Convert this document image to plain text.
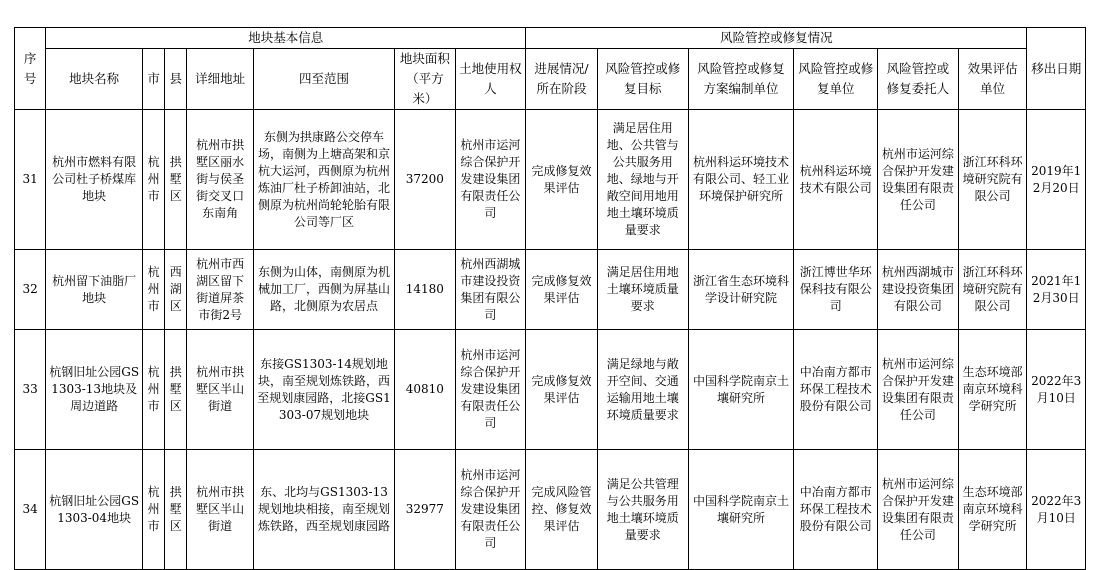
序号	地块基本信息							风险管控或修复情况						移出日期
	地块名称	市	县	详细地址	四至范围	地块面积（平方米）	土地使用权人	进展情况/所在阶段	风险管控或修复目标	风险管控或修复方案编制单位	风险管控或修复单位	风险管控或修复委托人	效果评估单位	
31	杭州市燃料有限公司杜子桥煤库地块	杭州市	拱墅区	杭州市拱墅区丽水街与侯圣街交叉口东南角	东侧为拱康路公交停车场，南侧为上塘高架和京杭大运河，西侧原为杭州炼油厂杜子桥卸油站，北侧原为杭州尚轮轮胎有限公司等厂区	37200	杭州市运河综合保护开发建设集团有限责任公司	完成修复效果评估	满足居住用地、公共管与公共服务用地、绿地与开敞空间用地用地土壤环境质量要求	杭州科运环境技术有限公司、轻工业环境保护研究所	杭州科运环境技术有限公司	杭州市运河综合保护开发建设集团有限责任公司	浙江环科环境研究院有限公司	2019年12月20日
32	杭州留下油脂厂地块	杭州市	西湖区	杭州市西湖区留下街道屏茶市街2号	东侧为山体，南侧原为机械加工厂，西侧为屏基山路，北侧原为农居点	14180	杭州西湖城市建设投资集团有限公司	完成修复效果评估	满足居住用地土壤环境质量要求	浙江省生态环境科学设计研究院	浙江博世华环保科技有限公司	杭州西湖城市建设投资集团有限公司	浙江环科环境研究院有限公司	2021年12月30日
33	杭钢旧址公园GS1303-13地块及周边道路	杭州市	拱墅区	杭州市拱墅区半山街道	东接GS1303-14规划地块，南至规划炼铁路，西至规划康园路，北接GS1303-07规划地块	40810	杭州市运河综合保护开发建设集团有限责任公司	完成修复效果评估	满足绿地与敞开空间、交通运输用地土壤环境质量要求	中国科学院南京土壤研究所	中冶南方都市环保工程技术股份有限公司	杭州市运河综合保护开发建设集团有限责任公司	生态环境部南京环境科学研究所	2022年3月10日
34	杭钢旧址公园GS1303-04地块	杭州市	拱墅区	杭州市拱墅区半山街道	东、北均与GS1303-13规划地块相接，南至规划炼铁路，西至规划康园路	32977	杭州市运河综合保护开发建设集团有限责任公司	完成风险管控、修复效果评估	满足公共管理与公共服务用地土壤环境质量要求	中国科学院南京土壤研究所	中冶南方都市环保工程技术股份有限公司	杭州市运河综合保护开发建设集团有限责任公司	生态环境部南京环境科学研究所	2022年3月10日
